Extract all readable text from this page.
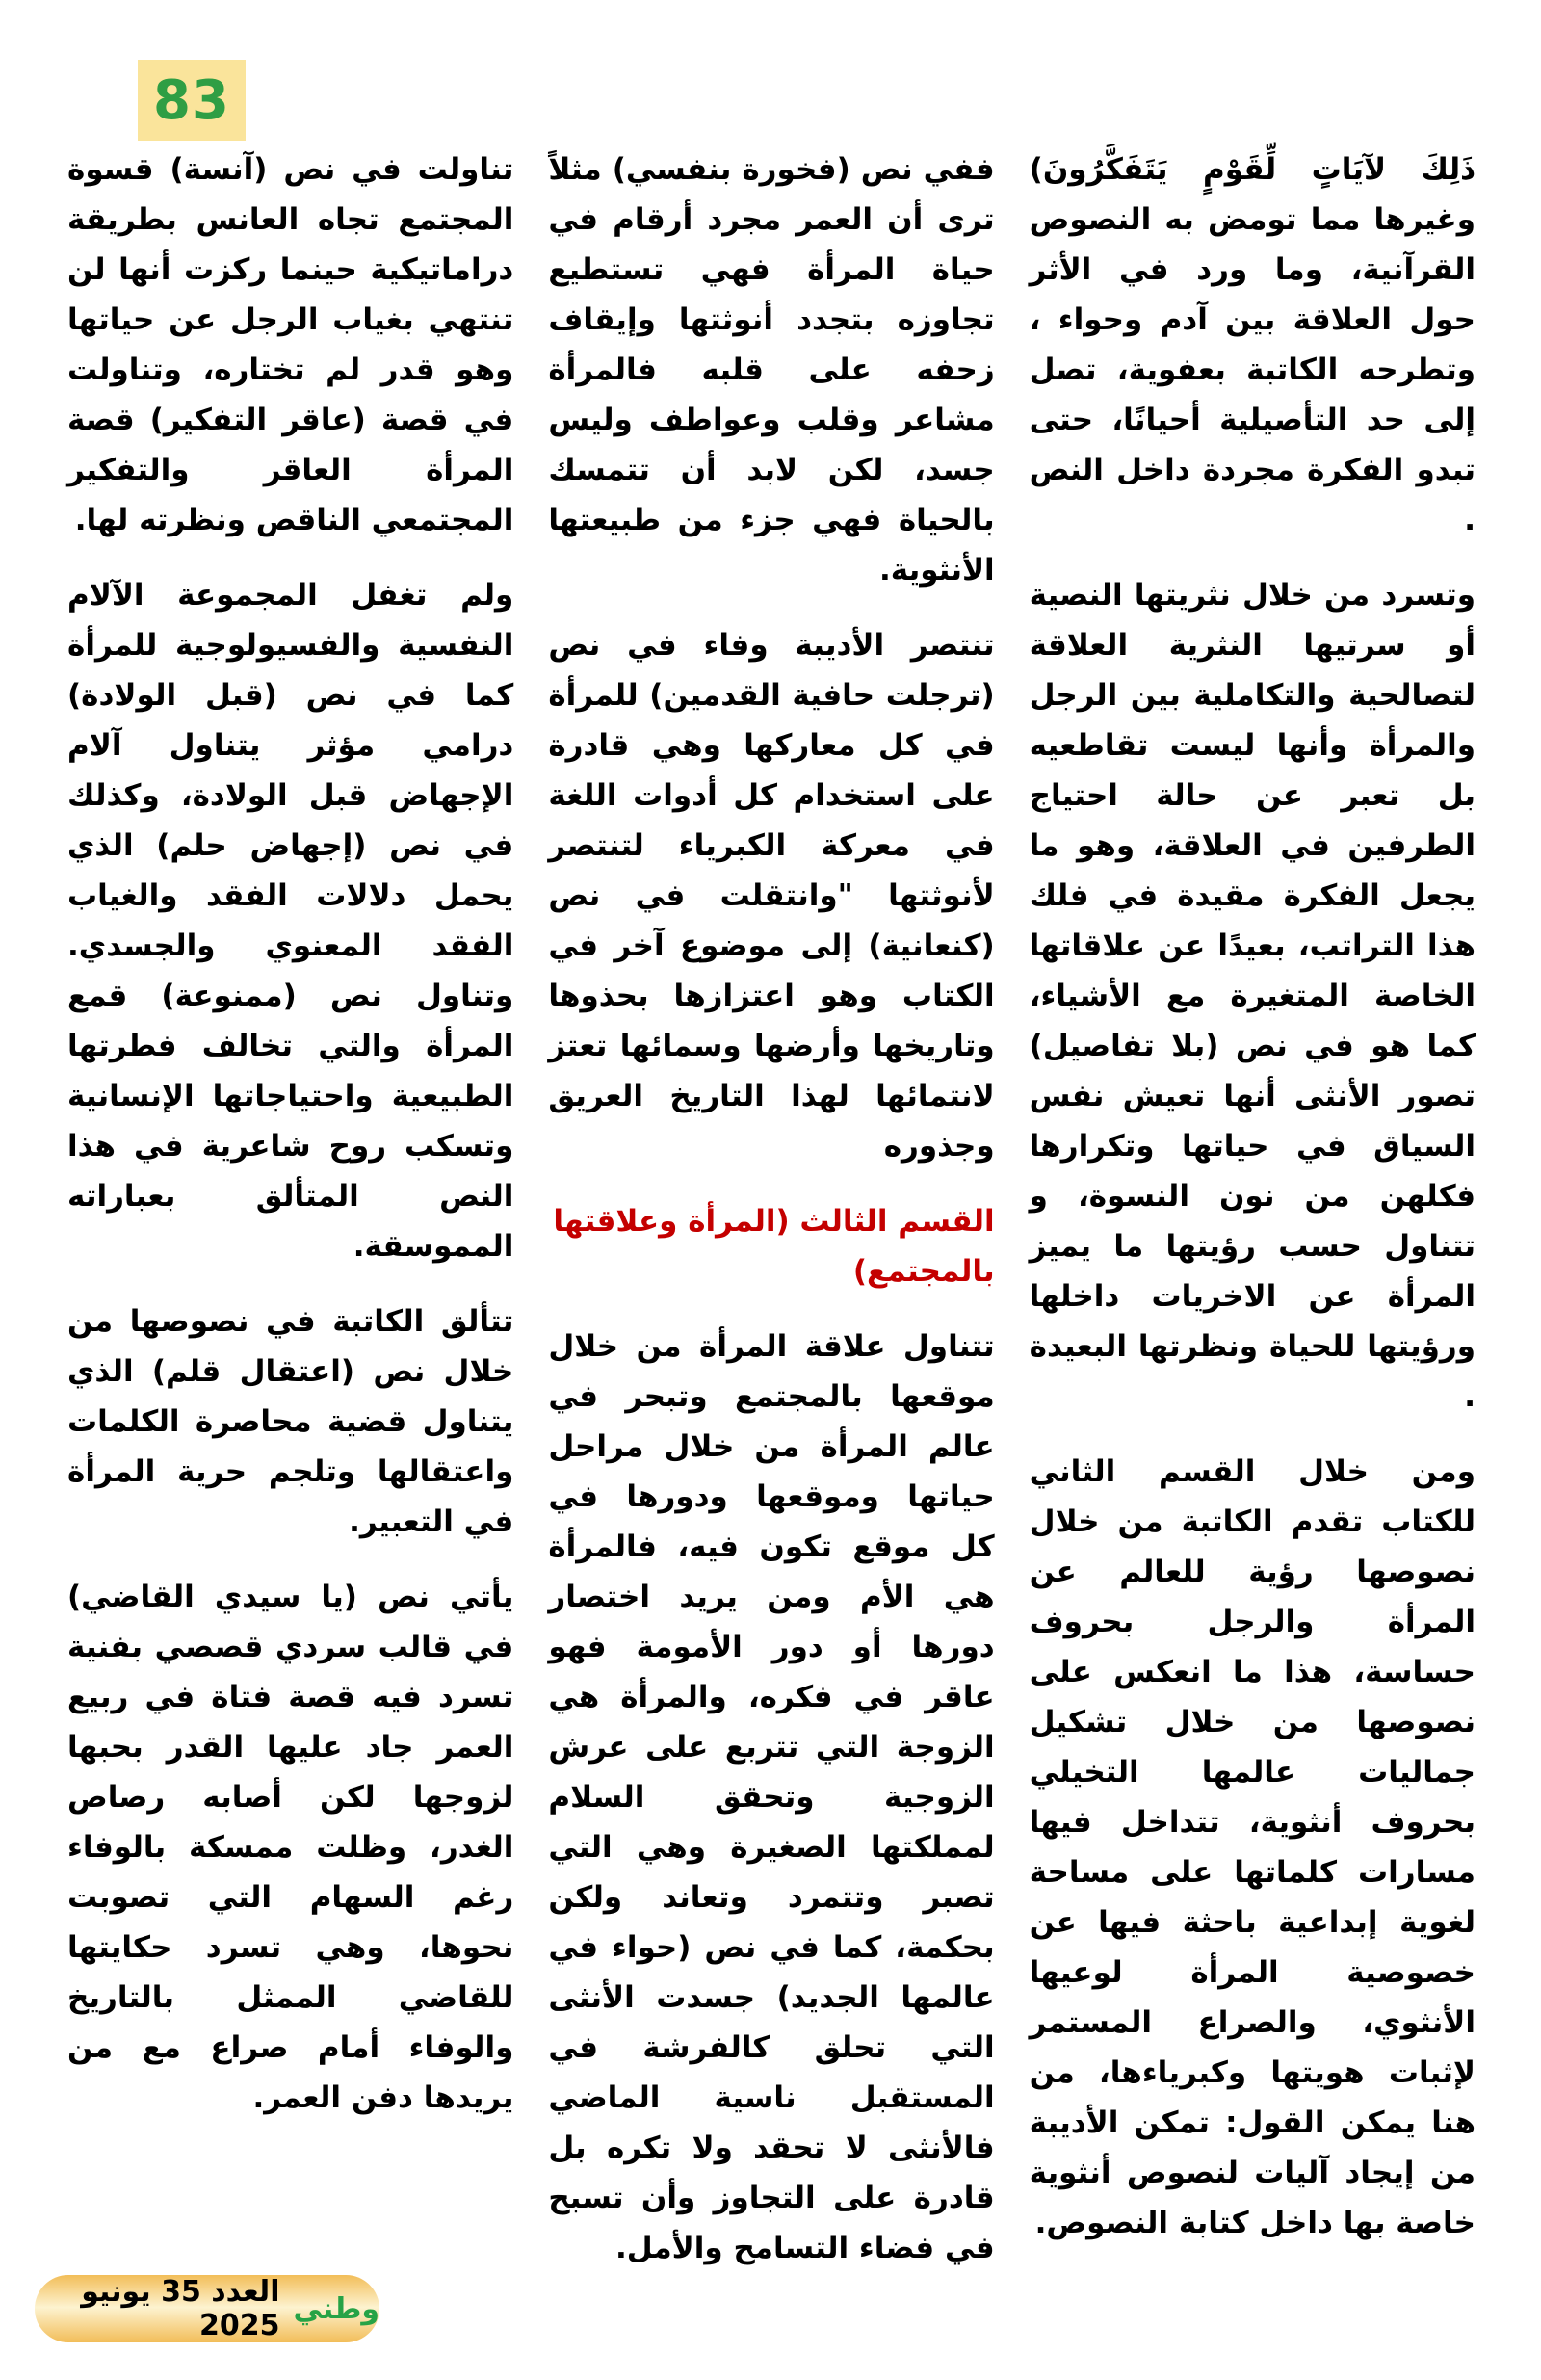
83

ذَلِكَ لآيَاتٍ لِّقَوْمٍ يَتَفَكَّرُونَ) وغيرها مما تومض به النصوص القرآنية، وما ورد في الأثر حول العلاقة بين آدم وحواء ، وتطرحه الكاتبة بعفوية، تصل إلى حد التأصيلية أحيانًا، حتى تبدو الفكرة مجردة داخل النص .

وتسرد من خلال نثريتها النصية أو سرتيها النثرية العلاقة لتصالحية والتكاملية بين الرجل والمرأة وأنها ليست تقاطعيه بل تعبر عن حالة احتياج الطرفين في العلاقة، وهو ما يجعل الفكرة مقيدة في فلك هذا التراتب، بعيدًا عن علاقاتها الخاصة المتغيرة مع الأشياء، كما هو في نص (بلا تفاصيل) تصور الأنثى أنها تعيش نفس السياق في حياتها وتكرارها فكلهن من نون النسوة، و تتناول حسب رؤيتها ما يميز المرأة عن الاخريات داخلها ورؤيتها للحياة ونظرتها البعيدة .

ومن خلال القسم الثاني للكتاب تقدم الكاتبة من خلال نصوصها رؤية للعالم عن المرأة والرجل بحروف حساسة، هذا ما انعكس على نصوصها من خلال تشكيل جماليات عالمها التخيلي بحروف أنثوية، تتداخل فيها مسارات كلماتها على مساحة لغوية إبداعية باحثة فيها عن خصوصية المرأة لوعيها الأنثوي، والصراع المستمر لإثبات هويتها وكبرياءها، من هنا يمكن القول: تمكن الأديبة من إيجاد آليات لنصوص أنثوية خاصة بها داخل كتابة النصوص.

ففي نص (فخورة بنفسي) مثلاً ترى أن العمر مجرد أرقام في حياة المرأة فهي تستطيع تجاوزه بتجدد أنوثتها وإيقاف زحفه على قلبه فالمرأة مشاعر وقلب وعواطف وليس جسد، لكن لابد أن تتمسك بالحياة فهي جزء من طبيعتها الأنثوية.

تنتصر الأديبة وفاء في نص (ترجلت حافية القدمين) للمرأة في كل معاركها وهي قادرة على استخدام كل أدوات اللغة في معركة الكبرياء لتنتصر لأنوثتها "وانتقلت في نص (كنعانية) إلى موضوع آخر في الكتاب وهو اعتزازها بحذوها وتاريخها وأرضها وسمائها تعتز لانتمائها لهذا التاريخ العريق وجذوره

القسم الثالث (المرأة وعلاقتها بالمجتمع)

تتناول علاقة المرأة من خلال موقعها بالمجتمع وتبحر في عالم المرأة من خلال مراحل حياتها وموقعها ودورها في كل موقع تكون فيه، فالمرأة هي الأم ومن يريد اختصار دورها أو دور الأمومة فهو عاقر في فكره، والمرأة هي الزوجة التي تتربع على عرش الزوجية وتحقق السلام لمملكتها الصغيرة وهي التي تصبر وتتمرد وتعاند ولكن بحكمة، كما في نص (حواء في عالمها الجديد) جسدت الأنثى التي تحلق كالفرشة في المستقبل ناسية الماضي فالأنثى لا تحقد ولا تكره بل قادرة على التجاوز وأن تسبح في فضاء التسامح والأمل.

تناولت في نص (آنسة) قسوة المجتمع تجاه العانس بطريقة دراماتيكية حينما ركزت أنها لن تنتهي بغياب الرجل عن حياتها وهو قدر لم تختاره، وتناولت في قصة (عاقر التفكير) قصة المرأة العاقر والتفكير المجتمعي الناقص ونظرته لها.

ولم تغفل المجموعة الآلام النفسية والفسيولوجية للمرأة كما في نص (قبل الولادة) درامي مؤثر يتناول آلام الإجهاض قبل الولادة، وكذلك في نص (إجهاض حلم) الذي يحمل دلالات الفقد والغياب الفقد المعنوي والجسدي. وتناول نص (ممنوعة) قمع المرأة والتي تخالف فطرتها الطبيعية واحتياجاتها الإنسانية وتسكب روح شاعرية في هذا النص المتألق بعباراته المموسقة.

تتألق الكاتبة في نصوصها من خلال نص (اعتقال قلم) الذي يتناول قضية محاصرة الكلمات واعتقالها وتلجم حرية المرأة في التعبير.

يأتي نص (يا سيدي القاضي) في قالب سردي قصصي بفنية تسرد فيه قصة فتاة في ربيع العمر جاد عليها القدر بحبها لزوجها لكن أصابه رصاص الغدر، وظلت ممسكة بالوفاء رغم السهام التي تصوبت نحوها، وهي تسرد حكايتها للقاضي الممثل بالتاريخ والوفاء أمام صراع مع من يريدها دفن العمر.

وطني
العدد 35 يونيو 2025
